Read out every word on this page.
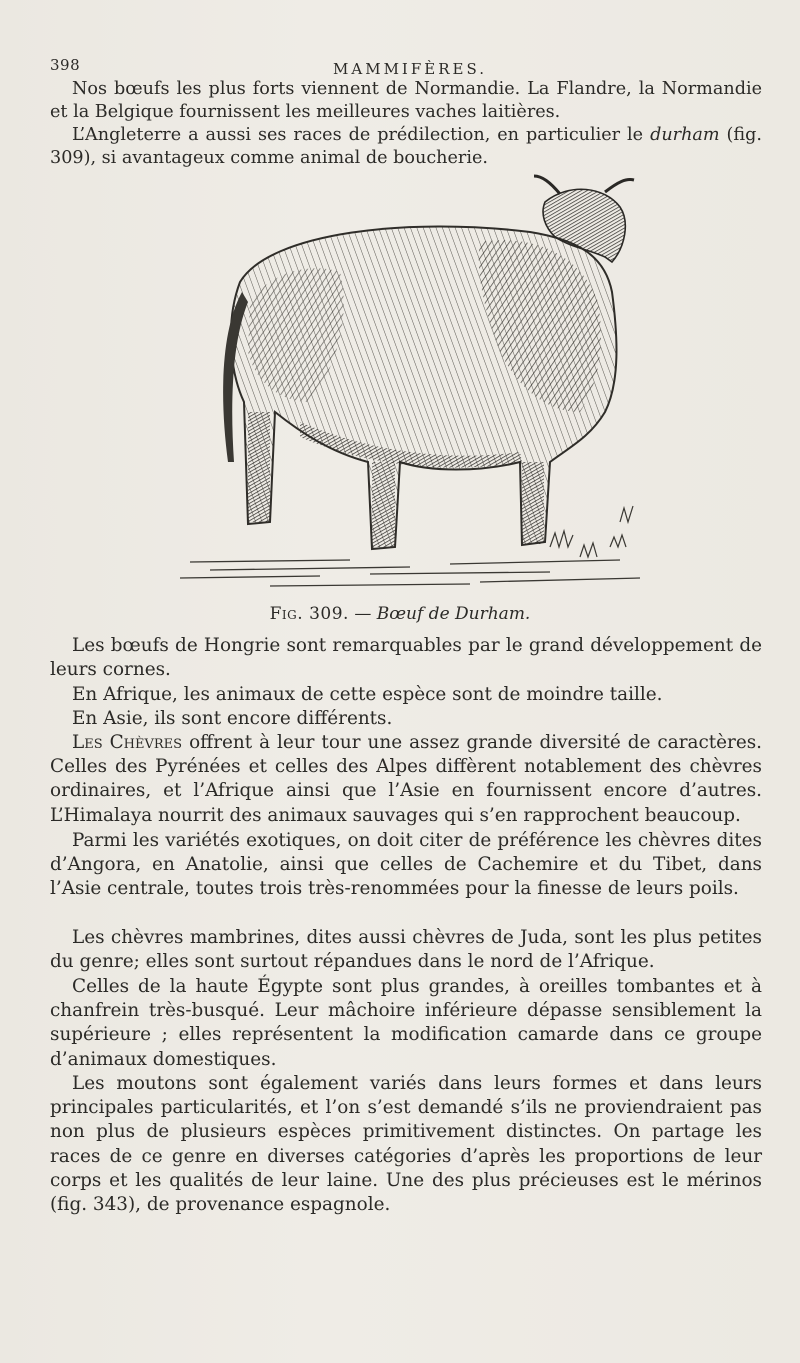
398	MAMMIFÈRES.

Nos bœufs les plus forts viennent de Normandie. La Flandre, la Normandie et la Belgique fournissent les meilleures vaches laitières.

L’Angleterre a aussi ses races de prédilection, en particulier le durham (fig. 309), si avantageux comme animal de boucherie.

Fig. 309. — Bœuf de Durham.

Les bœufs de Hongrie sont remarquables par le grand développement de leurs cornes.

En Afrique, les animaux de cette espèce sont de moindre taille.

En Asie, ils sont encore différents.

Les Chèvres offrent à leur tour une assez grande diversité de caractères. Celles des Pyrénées et celles des Alpes diffèrent notablement des chèvres ordinaires, et l’Afrique ainsi que l’Asie en fournissent encore d’autres. L’Himalaya nourrit des animaux sauvages qui s’en rapprochent beaucoup.

Parmi les variétés exotiques, on doit citer de préférence les chèvres dites d’Angora, en Anatolie, ainsi que celles de Cachemire et du Tibet, dans l’Asie centrale, toutes trois très-renommées pour la finesse de leurs poils.

Les chèvres mambrines, dites aussi chèvres de Juda, sont les plus petites du genre; elles sont surtout répandues dans le nord de l’Afrique.

Celles de la haute Égypte sont plus grandes, à oreilles tombantes et à chanfrein très-busqué. Leur mâchoire inférieure dépasse sensiblement la supérieure ; elles représentent la modification camarde dans ce groupe d’animaux domestiques.

Les moutons sont également variés dans leurs formes et dans leurs principales particularités, et l’on s’est demandé s’ils ne proviendraient pas non plus de plusieurs espèces primitivement distinctes. On partage les races de ce genre en diverses catégories d’après les proportions de leur corps et les qualités de leur laine. Une des plus précieuses est le mérinos (fig. 343), de provenance espagnole.
